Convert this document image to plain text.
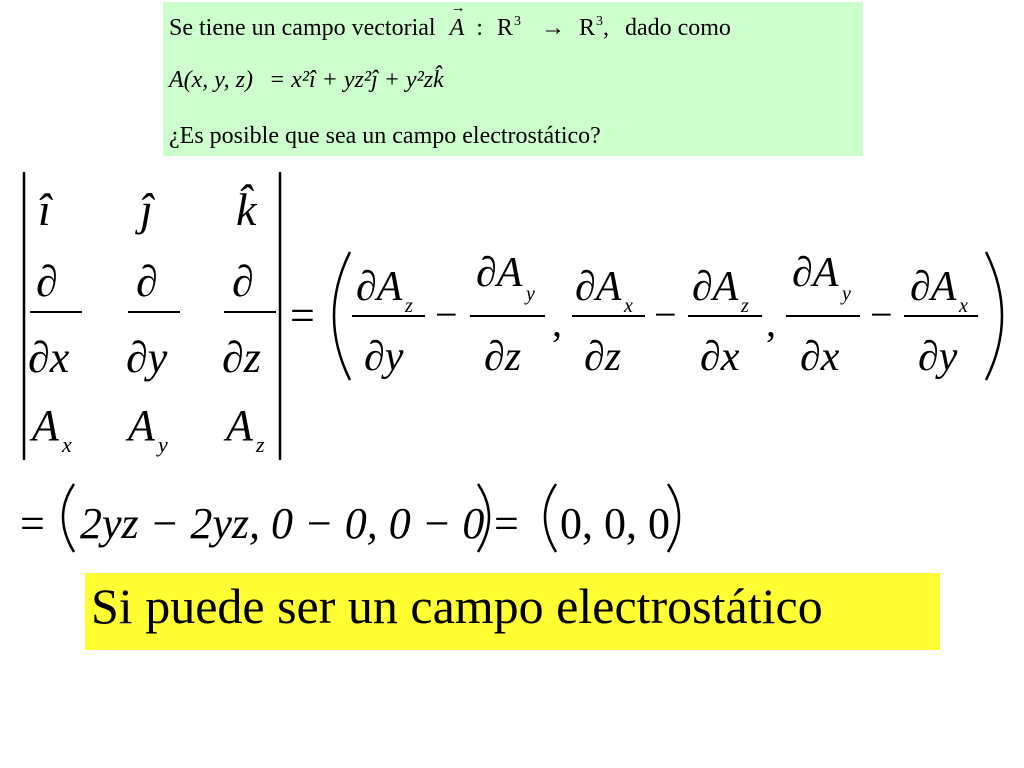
Se tiene un campo vectorial → A : $R^3 \to R^3$, dado como
A(x, y, z) = x²î + yz²ĵ + y²zk̂
¿Es posible que sea un campo electrostático?
î ĵ k̂
∂
∂x
∂
∂y
∂
∂z
A x A y A z
=
∂A z
∂y
−
∂A y
∂z
,
∂A x
∂z
−
∂A z
∂x
,
∂A y
∂x
−
∂A x
∂y
= 2yz − 2yz, 0 − 0, 0 − 0 = 0, 0, 0
Si puede ser un campo electrostático
